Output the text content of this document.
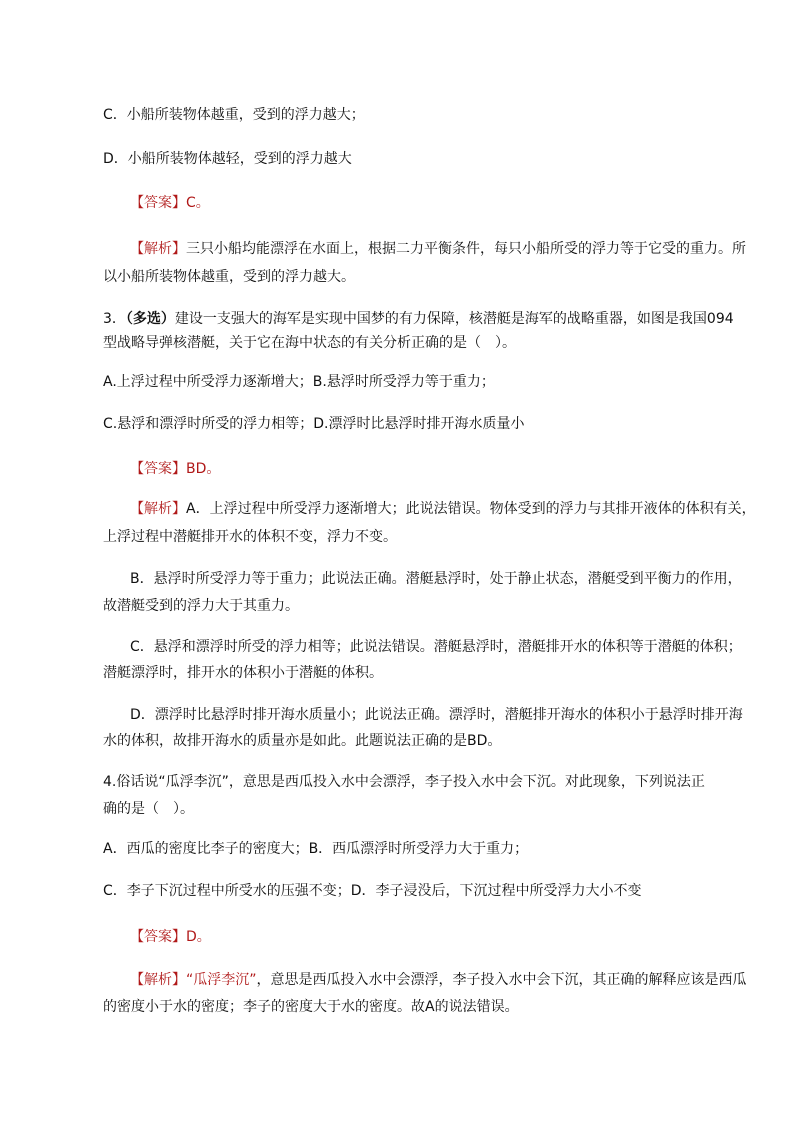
C．小船所装物体越重，受到的浮力越大；
D．小船所装物体越轻，受到的浮力越大
【答案】C。
【解析】三只小船均能漂浮在水面上，根据二力平衡条件，每只小船所受的浮力等于它受的重力。所
以小船所装物体越重，受到的浮力越大。
3．（多选）建设一支强大的海军是实现中国梦的有力保障，核潜艇是海军的战略重器，如图是我国094
型战略导弹核潜艇，关于它在海中状态的有关分析正确的是（　）。
A.上浮过程中所受浮力逐渐增大；B.悬浮时所受浮力等于重力；
C.悬浮和漂浮时所受的浮力相等；D.漂浮时比悬浮时排开海水质量小
【答案】BD。
【解析】A．上浮过程中所受浮力逐渐增大；此说法错误。物体受到的浮力与其排开液体的体积有关，
上浮过程中潜艇排开水的体积不变，浮力不变。
B．悬浮时所受浮力等于重力；此说法正确。潜艇悬浮时，处于静止状态，潜艇受到平衡力的作用，
故潜艇受到的浮力大于其重力。
C．悬浮和漂浮时所受的浮力相等；此说法错误。潜艇悬浮时，潜艇排开水的体积等于潜艇的体积；
潜艇漂浮时，排开水的体积小于潜艇的体积。
D．漂浮时比悬浮时排开海水质量小；此说法正确。漂浮时，潜艇排开海水的体积小于悬浮时排开海
水的体积，故排开海水的质量亦是如此。此题说法正确的是BD。
4.俗话说“瓜浮李沉”，意思是西瓜投入水中会漂浮，李子投入水中会下沉。对此现象，下列说法正
确的是（　）。
A．西瓜的密度比李子的密度大；B．西瓜漂浮时所受浮力大于重力；
C．李子下沉过程中所受水的压强不变；D．李子浸没后，下沉过程中所受浮力大小不变
【答案】D。
【解析】“瓜浮李沉”，意思是西瓜投入水中会漂浮，李子投入水中会下沉，其正确的解释应该是西瓜
的密度小于水的密度；李子的密度大于水的密度。故A的说法错误。
